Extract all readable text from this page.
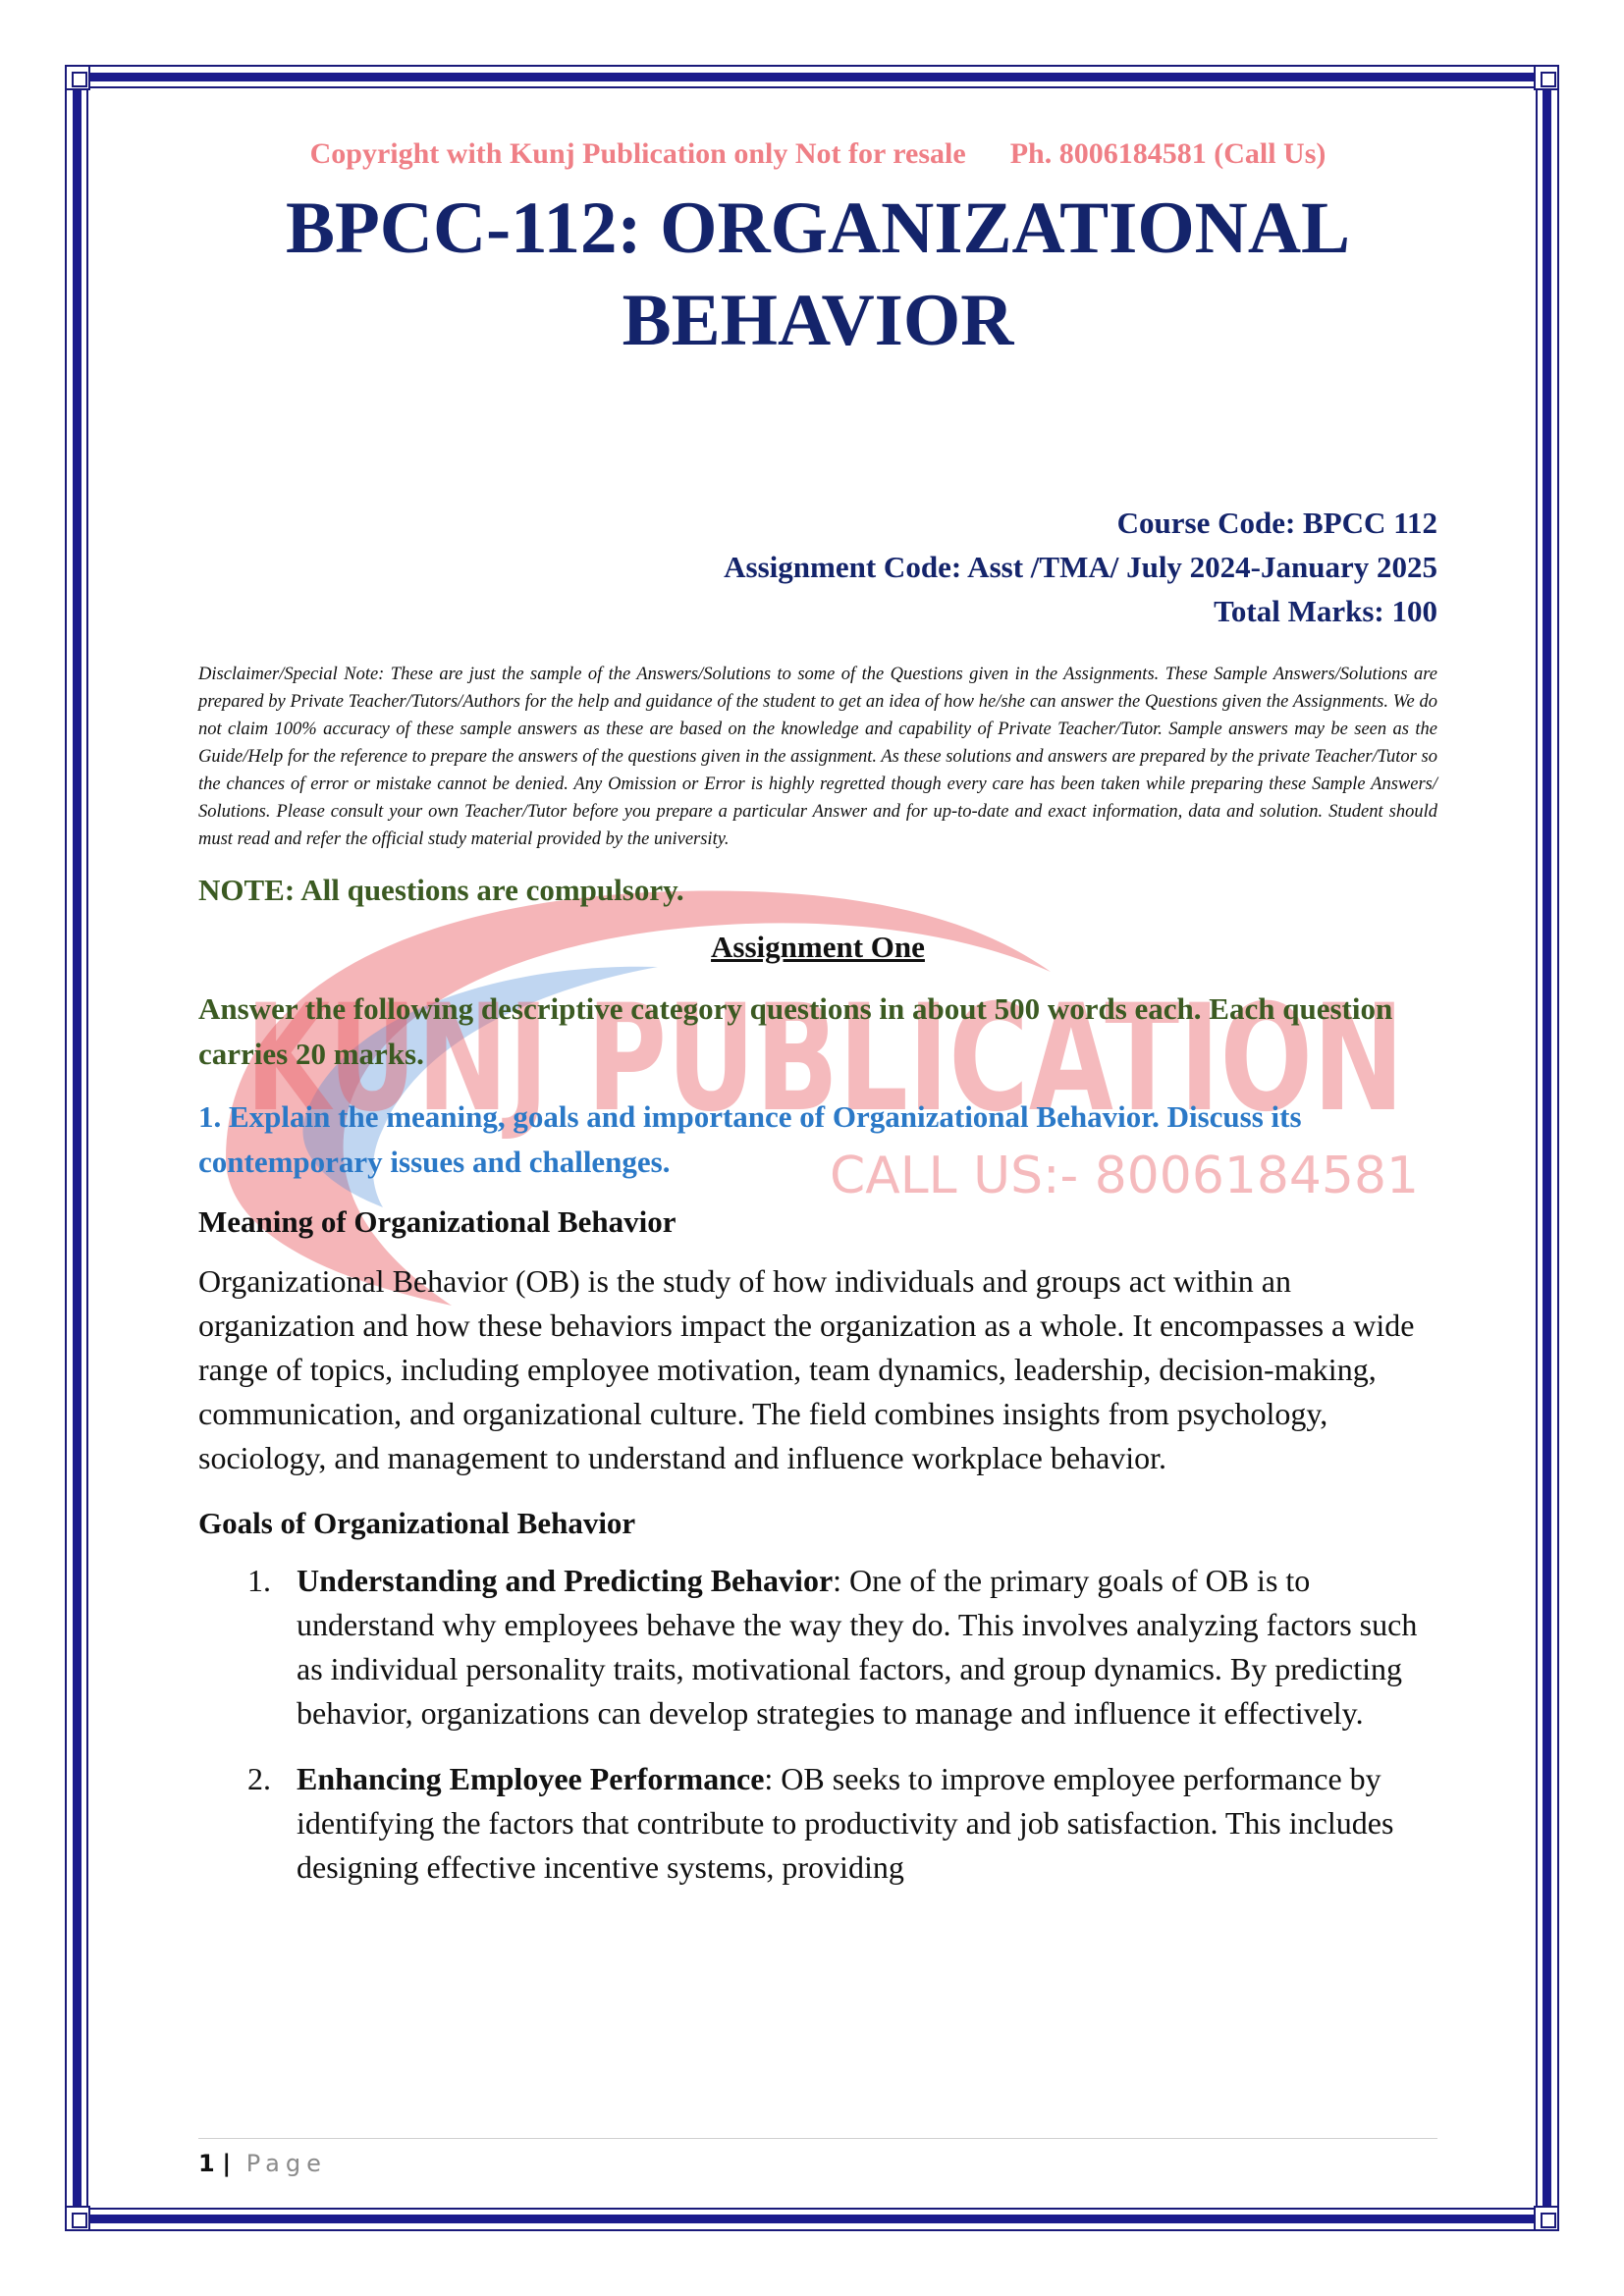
KUNJ PUBLICATION
CALL US:- 8006184581

Copyright with Kunj Publication only Not for resale Ph. 8006184581 (Call Us)

BPCC-112: ORGANIZATIONAL
BEHAVIOR
Course Code: BPCC 112
Assignment Code: Asst /TMA/ July 2024-January 2025
Total Marks: 100
Disclaimer/Special Note: These are just the sample of the Answers/Solutions to some of the Questions given in the Assignments. These Sample Answers/Solutions are prepared by Private Teacher/Tutors/Authors for the help and guidance of the student to get an idea of how he/she can answer the Questions given the Assignments. We do not claim 100% accuracy of these sample answers as these are based on the knowledge and capability of Private Teacher/Tutor. Sample answers may be seen as the Guide/Help for the reference to prepare the answers of the questions given in the assignment. As these solutions and answers are prepared by the private Teacher/Tutor so the chances of error or mistake cannot be denied. Any Omission or Error is highly regretted though every care has been taken while preparing these Sample Answers/ Solutions. Please consult your own Teacher/Tutor before you prepare a particular Answer and for up-to-date and exact information, data and solution. Student should must read and refer the official study material provided by the university.
NOTE: All questions are compulsory.
Assignment One
Answer the following descriptive category questions in about 500 words each. Each question carries 20 marks.
1. Explain the meaning, goals and importance of Organizational Behavior. Discuss its contemporary issues and challenges.
Meaning of Organizational Behavior
Organizational Behavior (OB) is the study of how individuals and groups act within an organization and how these behaviors impact the organization as a whole. It encompasses a wide range of topics, including employee motivation, team dynamics, leadership, decision-making, communication, and organizational culture. The field combines insights from psychology, sociology, and management to understand and influence workplace behavior.
Goals of Organizational Behavior
1. Understanding and Predicting Behavior: One of the primary goals of OB is to understand why employees behave the way they do. This involves analyzing factors such as individual personality traits, motivational factors, and group dynamics. By predicting behavior, organizations can develop strategies to manage and influence it effectively.
2. Enhancing Employee Performance: OB seeks to improve employee performance by identifying the factors that contribute to productivity and job satisfaction. This includes designing effective incentive systems, providing
1 | Page
